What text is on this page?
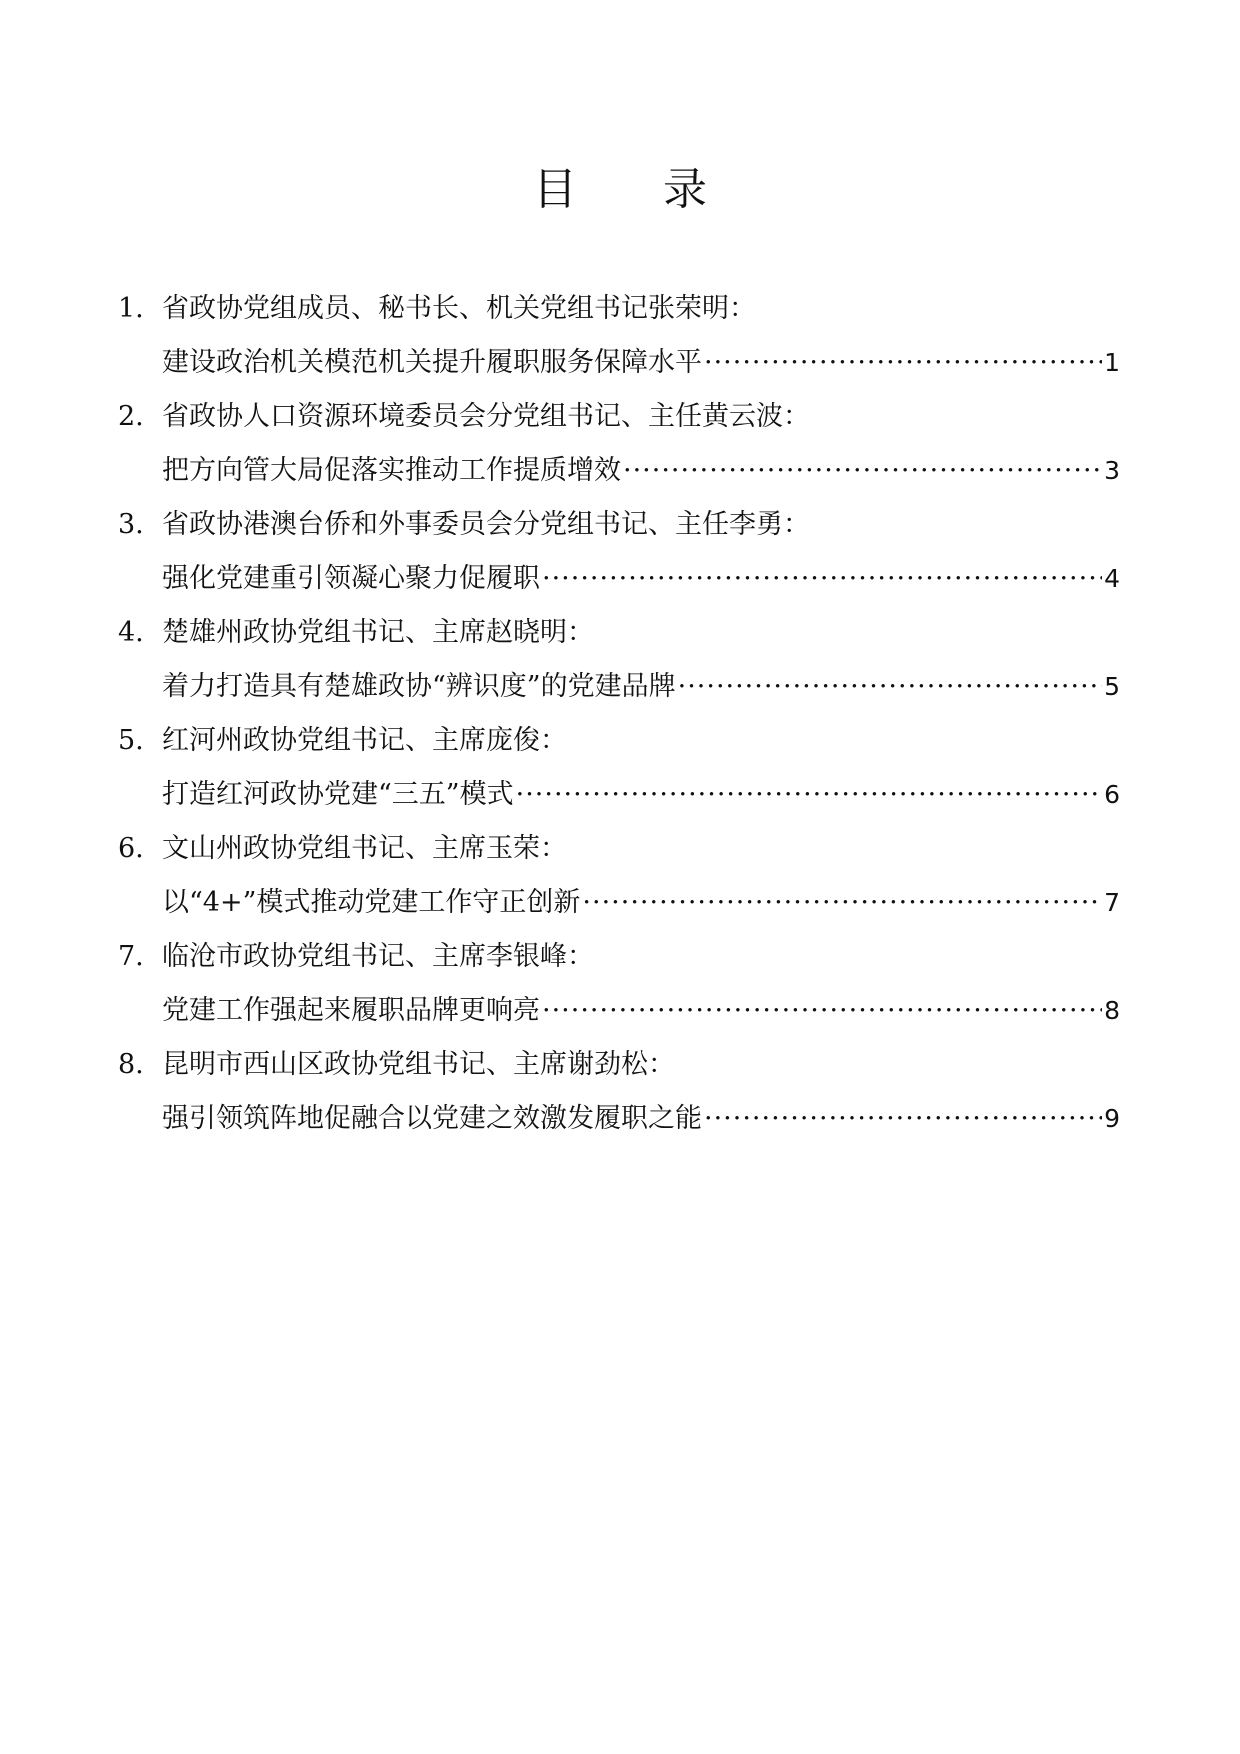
目 录
1. 省政协党组成员、秘书长、机关党组书记张荣明：
建设政治机关模范机关提升履职服务保障水平 ·····	1
2. 省政协人口资源环境委员会分党组书记、主任黄云波：
把方向管大局促落实推动工作提质增效 ·····	3
3. 省政协港澳台侨和外事委员会分党组书记、主任李勇：
强化党建重引领凝心聚力促履职 ·····	4
4. 楚雄州政协党组书记、主席赵晓明：
着力打造具有楚雄政协“辨识度”的党建品牌 ·····	5
5. 红河州政协党组书记、主席庞俊：
打造红河政协党建“三五”模式 ·····	6
6. 文山州政协党组书记、主席玉荣：
以“4+”模式推动党建工作守正创新 ·····	7
7. 临沧市政协党组书记、主席李银峰：
党建工作强起来履职品牌更响亮 ·····	8
8. 昆明市西山区政协党组书记、主席谢劲松：
强引领筑阵地促融合以党建之效激发履职之能 ·····	9
